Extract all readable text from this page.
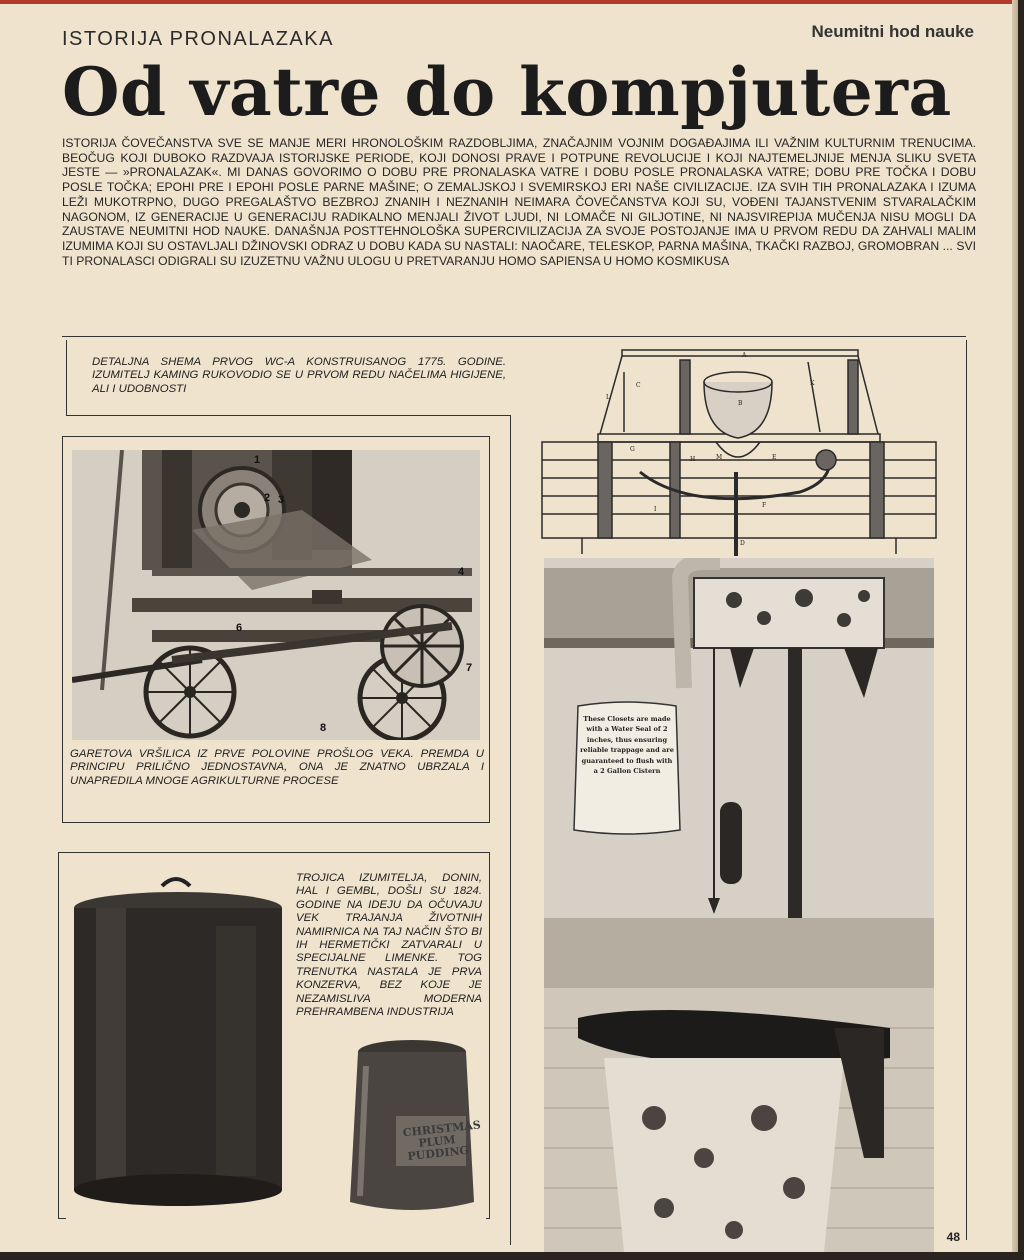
ISTORIJA PRONALAZAKA	Neumitni hod nauke
Od vatre do kompjutera
ISTORIJA ČOVEČANSTVA SVE SE MANJE MERI HRONOLOŠKIM RAZDOBLJIMA, ZNAČAJNIM VOJNIM DOGAĐAJIMA ILI VAŽNIM KULTURNIM TRENUCIMA. BEOČUG KOJI DUBOKO RAZDVAJA ISTORIJSKE PERIODE, KOJI DONOSI PRAVE I POTPUNE REVOLUCIJE I KOJI NAJTEMELJNIJE MENJA SLIKU SVETA JESTE — »PRONALAZAK«. MI DANAS GOVORIMO O DOBU PRE PRONALASKA VATRE I DOBU POSLE PRONALASKA VATRE; DOBU PRE TOČKA I DOBU POSLE TOČKA; EPOHI PRE I EPOHI POSLE PARNE MAŠINE; O ZEMALJSKOJ I SVEMIRSKOJ ERI NAŠE CIVILIZACIJE. IZA SVIH TIH PRONALAZAKA I IZUMA LEŽI MUKOTRPNO, DUGO PREGALAŠTVO BEZBROJ ZNANIH I NEZNANIH NEIMARA ČOVEČANSTVA KOJI SU, VOĐENI TAJANSTVENIM STVARALAČKIM NAGONOM, IZ GENERACIJE U GENERACIJU RADIKALNO MENJALI ŽIVOT LJUDI, NI LOMAČE NI GILJOTINE, NI NAJSVIREPIJA MUČENJA NISU MOGLI DA ZAUSTAVE NEUMITNI HOD NAUKE. DANAŠNJA POSTTEHNOLOŠKA SUPERCIVILIZACIJA ZA SVOJE POSTOJANJE IMA U PRVOM REDU DA ZAHVALI MALIM IZUMIMA KOJI SU OSTAVLJALI DŽINOVSKI ODRAZ U DOBU KADA SU NASTALI: NAOČARE, TELESKOP, PARNA MAŠINA, TKAČKI RAZBOJ, GROMOBRAN ... SVI TI PRONALASCI ODIGRALI SU IZUZETNU VAŽNU ULOGU U PRETVARANJU HOMO SAPIENSA U HOMO KOSMIKUSA
DETALJNA SHEMA PRVOG WC-A KONSTRUISANOG 1775. GODINE. IZUMITELJ KAMING RUKOVODIO SE U PRVOM REDU NAČELIMA HIGIJENE, ALI I UDOBNOSTI
1
2 3
4
6
7
8
GARETOVA VRŠILICA IZ PRVE POLOVINE PROŠLOG VEKA. PREMDA U PRINCIPU PRILIČNO JEDNOSTAVNA, ONA JE ZNATNO UBRZALA I UNAPREDILA MNOGE AGRIKULTURNE PROCESE
CHRISTMAS PLUM PUDDING
TROJICA IZUMITELJA, DONIN, HAL I GEMBL, DOŠLI SU 1824. GODINE NA IDEJU DA OČUVAJU VEK TRAJANJA ŽIVOTNIH NAMIRNICA NA TAJ NAČIN ŠTO BI IH HERMETIČKI ZATVARALI U SPECIJALNE LIMENKE. TOG TRENUTKA NASTALA JE PRVA KONZERVA, BEZ KOJE JE NEZAMISLIVA MODERNA PREHRAMBENA INDUSTRIJA
A
B
C
D
E
F
G
H
I
K
L
M
These Closets are made with a Water Seal of 2 inches, thus ensuring reliable trappage and are guaranteed to flush with a 2 Gallon Cistern
48
